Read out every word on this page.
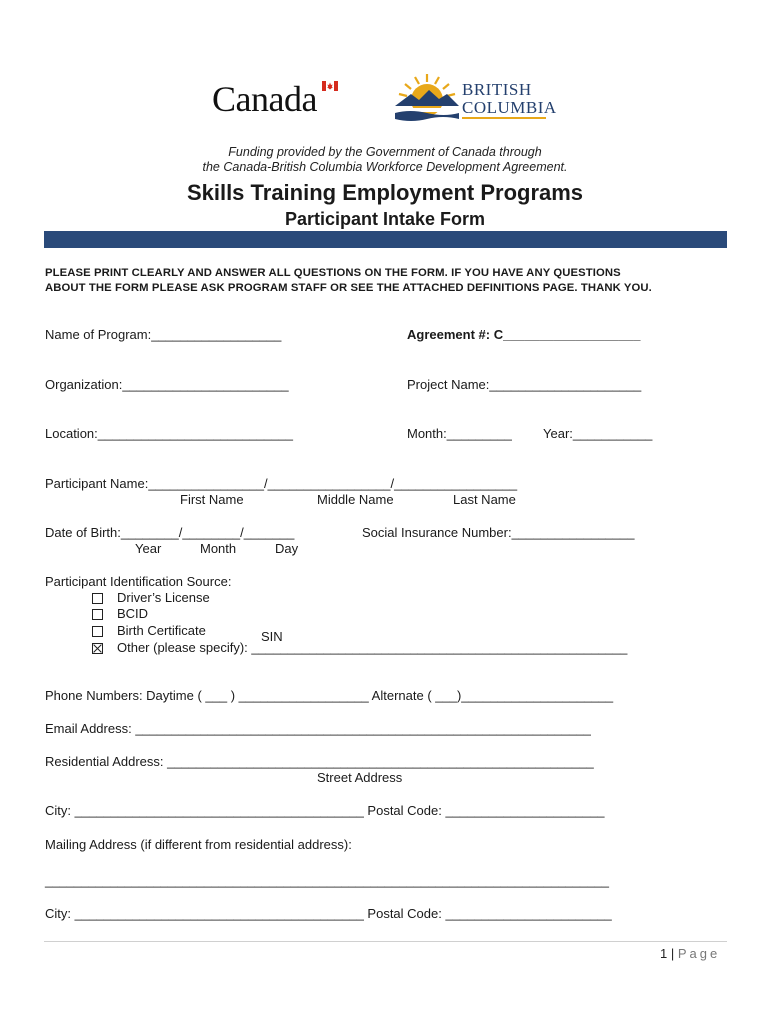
Canada	BRITISH
COLUMBIA
Funding provided by the Government of Canada through
the Canada-British Columbia Workforce Development Agreement.
Skills Training Employment Programs
Participant Intake Form
PLEASE PRINT CLEARLY AND ANSWER ALL QUESTIONS ON THE FORM. IF YOU HAVE ANY QUESTIONS
ABOUT THE FORM PLEASE ASK PROGRAM STAFF OR SEE THE ATTACHED DEFINITIONS PAGE. THANK YOU.
Name of Program:__________________	Agreement #: C___________________
Organization:_______________________	Project Name:_____________________
Location:___________________________	Month:_________ Year:___________
Participant Name:________________/_________________/_________________
First Name	Middle Name	Last Name
Date of Birth:________/________/_______
Year	Month	Day
Social Insurance Number:_________________
Participant Identification Source:
Driver’s License
BCID
Birth Certificate	SIN
Other (please specify): ____________________________________________________
Phone Numbers: Daytime ( ___ ) __________________ Alternate ( ___)_____________________
Email Address: _______________________________________________________________
Residential Address: ___________________________________________________________
Street Address
City: ________________________________________ Postal Code: ______________________
Mailing Address (if different from residential address):
______________________________________________________________________________
City: ________________________________________ Postal Code: _______________________
1 | Page
